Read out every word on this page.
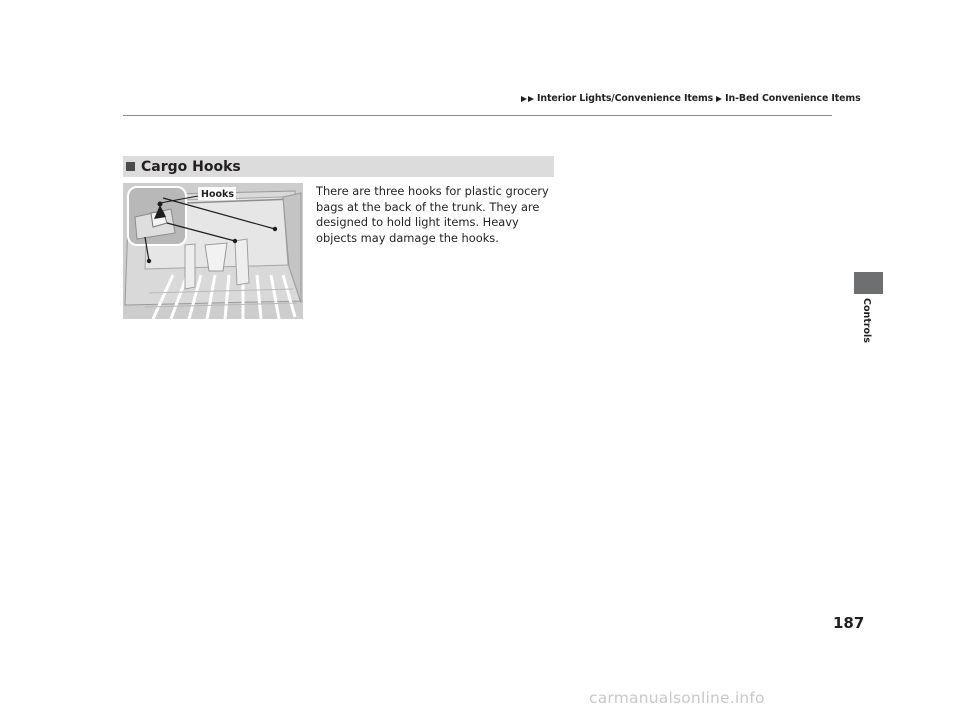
Interior Lights/Convenience Items In-Bed Convenience Items
Cargo Hooks
Hooks	There are three hooks for plastic grocery bags at the back of the trunk. They are designed to hold light items. Heavy objects may damage the hooks.

Controls
187
carmanualsonline.info
